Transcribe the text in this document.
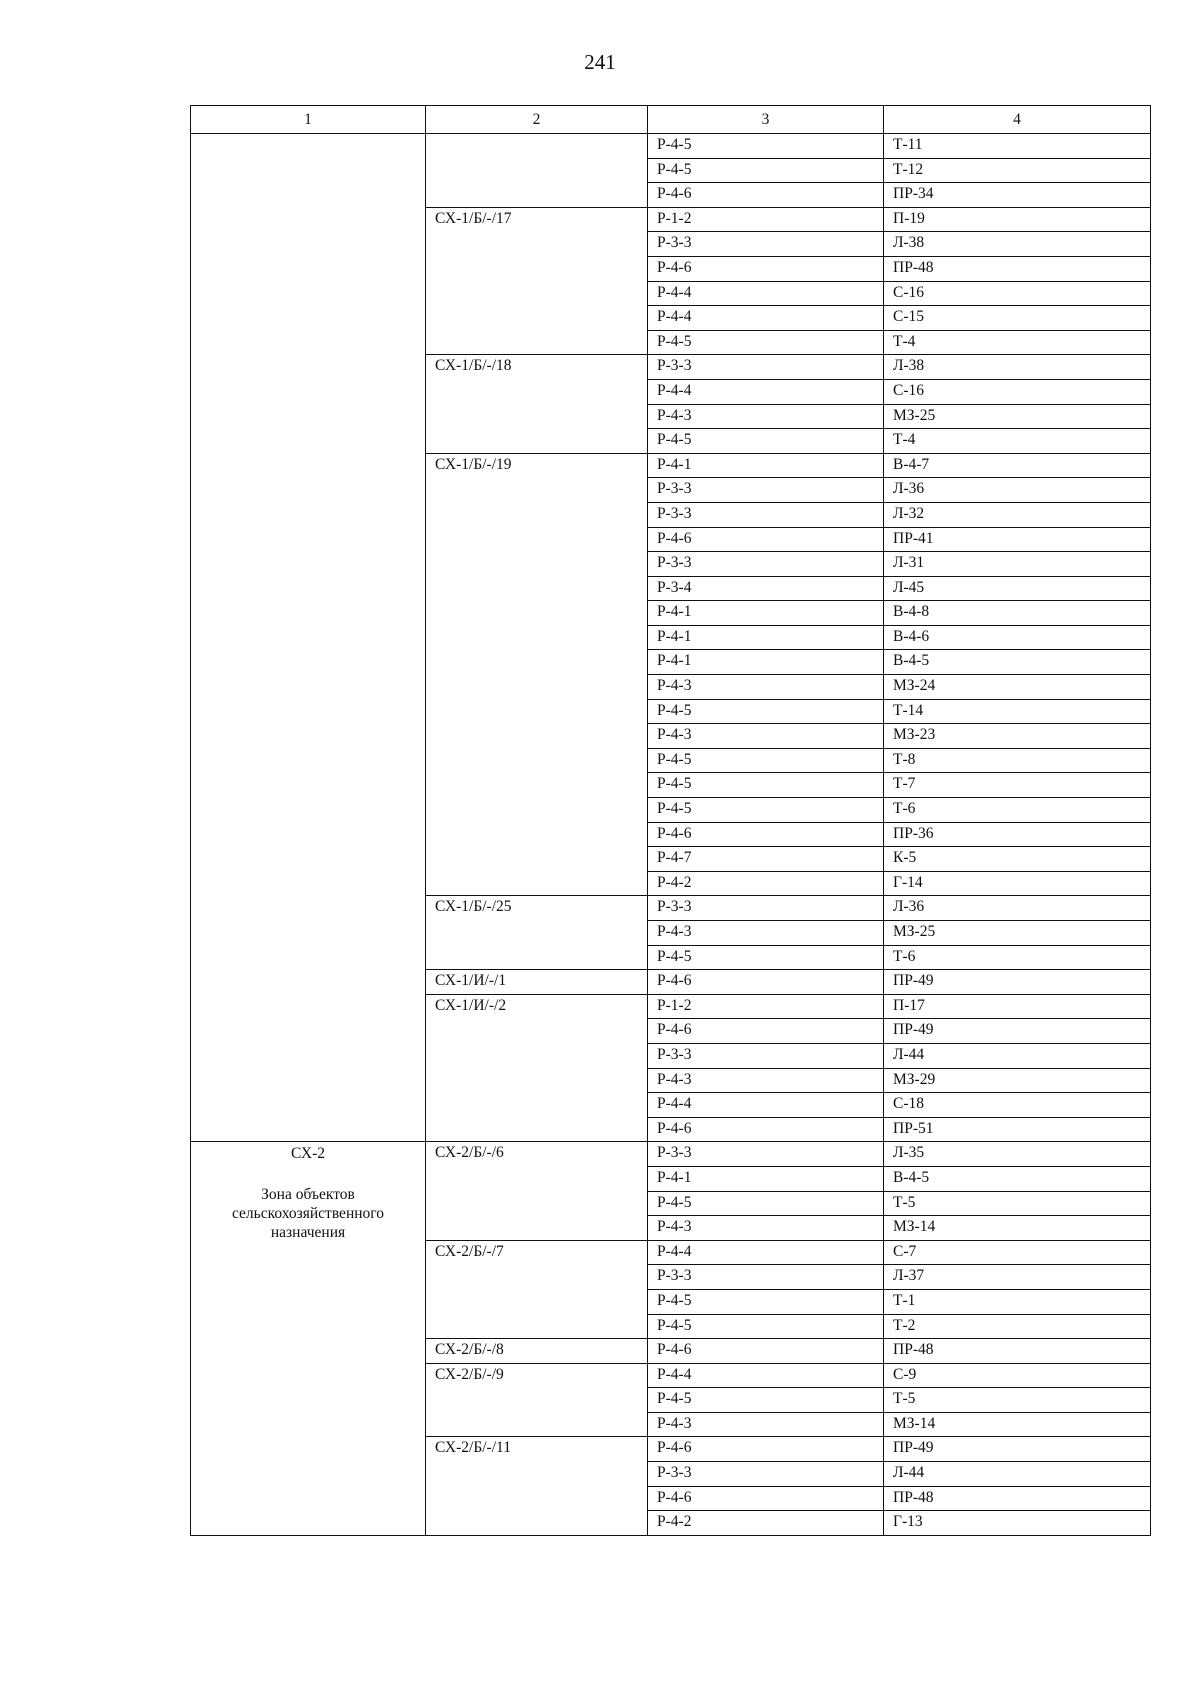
241
1	2	3	4

		Р-4-5	Т-11
		Р-4-5	Т-12
		Р-4-6	ПР-34
	СХ-1/Б/-/17	Р-1-2	П-19
		Р-3-3	Л-38
		Р-4-6	ПР-48
		Р-4-4	С-16
		Р-4-4	С-15
		Р-4-5	Т-4
	СХ-1/Б/-/18	Р-3-3	Л-38
		Р-4-4	С-16
		Р-4-3	МЗ-25
		Р-4-5	Т-4
	СХ-1/Б/-/19	Р-4-1	В-4-7
		Р-3-3	Л-36
		Р-3-3	Л-32
		Р-4-6	ПР-41
		Р-3-3	Л-31
		Р-3-4	Л-45
		Р-4-1	В-4-8
		Р-4-1	В-4-6
		Р-4-1	В-4-5
		Р-4-3	МЗ-24
		Р-4-5	Т-14
		Р-4-3	МЗ-23
		Р-4-5	Т-8
		Р-4-5	Т-7
		Р-4-5	Т-6
		Р-4-6	ПР-36
		Р-4-7	К-5
		Р-4-2	Г-14
	СХ-1/Б/-/25	Р-3-3	Л-36
		Р-4-3	МЗ-25
		Р-4-5	Т-6
	СХ-1/И/-/1	Р-4-6	ПР-49
	СХ-1/И/-/2	Р-1-2	П-17
		Р-4-6	ПР-49
		Р-3-3	Л-44
		Р-4-3	МЗ-29
		Р-4-4	С-18
		Р-4-6	ПР-51

СХ-2
Зона объектов сельскохозяйственного назначения	СХ-2/Б/-/6	Р-3-3	Л-35
		Р-4-1	В-4-5
		Р-4-5	Т-5
		Р-4-3	МЗ-14
	СХ-2/Б/-/7	Р-4-4	С-7
		Р-3-3	Л-37
		Р-4-5	Т-1
		Р-4-5	Т-2
	СХ-2/Б/-/8	Р-4-6	ПР-48
	СХ-2/Б/-/9	Р-4-4	С-9
		Р-4-5	Т-5
		Р-4-3	МЗ-14
	СХ-2/Б/-/11	Р-4-6	ПР-49
		Р-3-3	Л-44
		Р-4-6	ПР-48
		Р-4-2	Г-13
